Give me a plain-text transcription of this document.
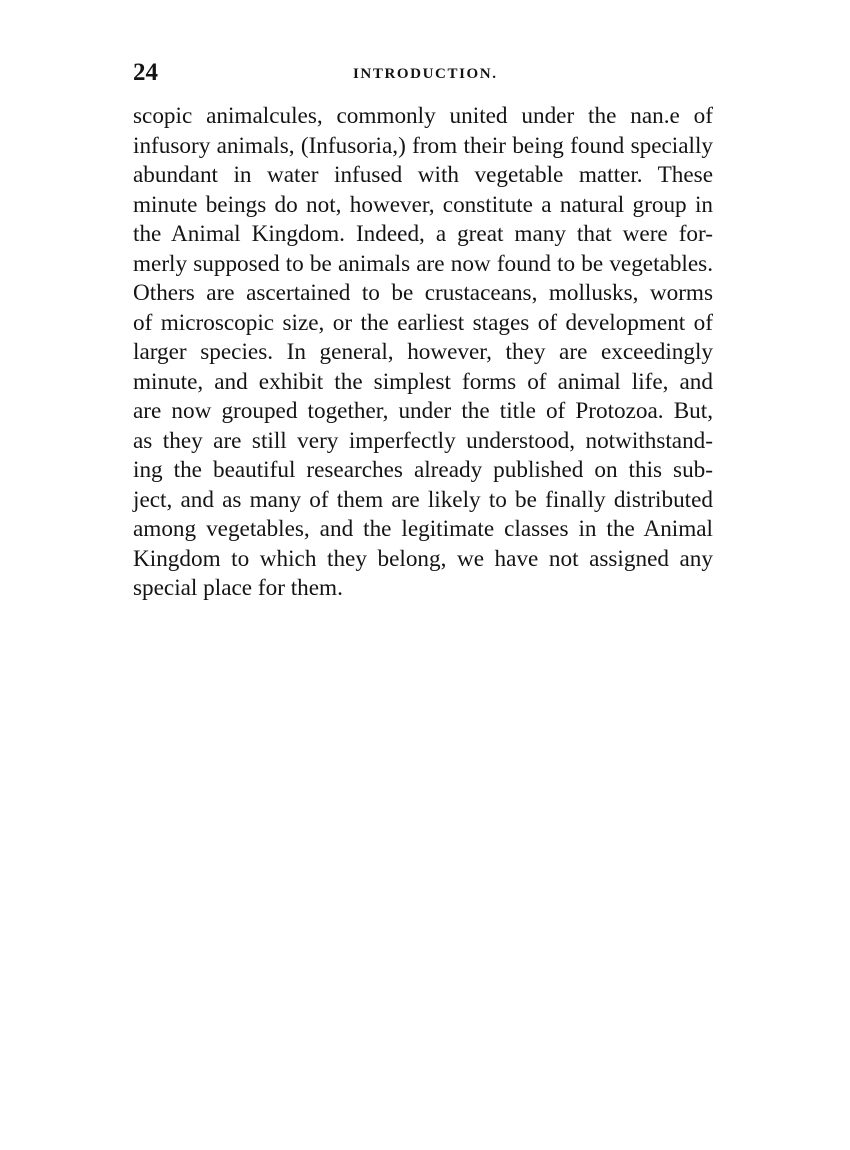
24	INTRODUCTION.
scopic animalcules, commonly united under the nan.e of
infusory animals, (Infusoria,) from their being found specially
abundant in water infused with vegetable matter. These
minute beings do not, however, constitute a natural group in
the Animal Kingdom. Indeed, a great many that were for-
merly supposed to be animals are now found to be vegetables.
Others are ascertained to be crustaceans, mollusks, worms
of microscopic size, or the earliest stages of development of
larger species. In general, however, they are exceedingly
minute, and exhibit the simplest forms of animal life, and
are now grouped together, under the title of Protozoa. But,
as they are still very imperfectly understood, notwithstand-
ing the beautiful researches already published on this sub-
ject, and as many of them are likely to be finally distributed
among vegetables, and the legitimate classes in the Animal
Kingdom to which they belong, we have not assigned any
special place for them.
